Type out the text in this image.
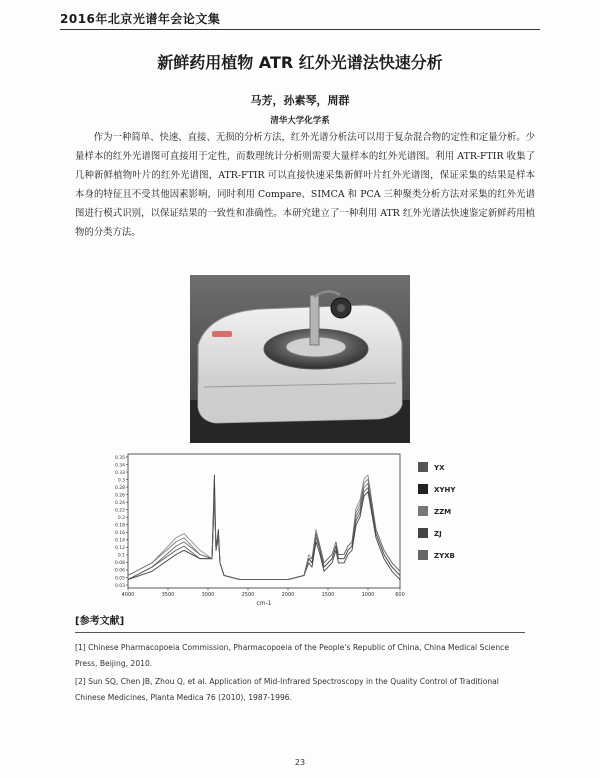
2016年北京光谱年会论文集
新鲜药用植物 ATR 红外光谱法快速分析
马芳，孙素琴，周群
清华大学化学系

作为一种简单、快速、直接、无损的分析方法，红外光谱分析法可以用于复杂混合物的定性和定量分析。少量样本的红外光谱图可直接用于定性，而数理统计分析则需要大量样本的红外光谱图。利用 ATR-FTIR 收集了几种新鲜植物叶片的红外光谱图，ATR-FTIR 可以直接快速采集新鲜叶片红外光谱图，保证采集的结果是样本本身的特征且不受其他因素影响，同时利用 Compare、SIMCA 和 PCA 三种聚类分析方法对采集的红外光谱图进行模式识别，以保证结果的一致性和准确性。本研究建立了一种利用 ATR 红外光谱法快速鉴定新鲜药用植物的分类方法。

0.35
0.34
0.33
0.3
0.28
0.26
0.24
0.22
0.2
0.18
0.16
0.14
0.12
0.1
0.08
0.06
0.05
0.03
4000	3500	3000	2500	2000	1500	1000	600
cm-1
YX
XYHY
ZZM
ZJ
ZYXB
[参考文献]

[1] Chinese Pharmacopoeia Commission, Pharmacopoeia of the People's Republic of China, China Medical Science Press, Beijing, 2010.

[2] Sun SQ, Chen JB, Zhou Q, et al. Application of Mid-Infrared Spectroscopy in the Quality Control of Traditional Chinese Medicines, Planta Medica 76 (2010), 1987-1996.

23
